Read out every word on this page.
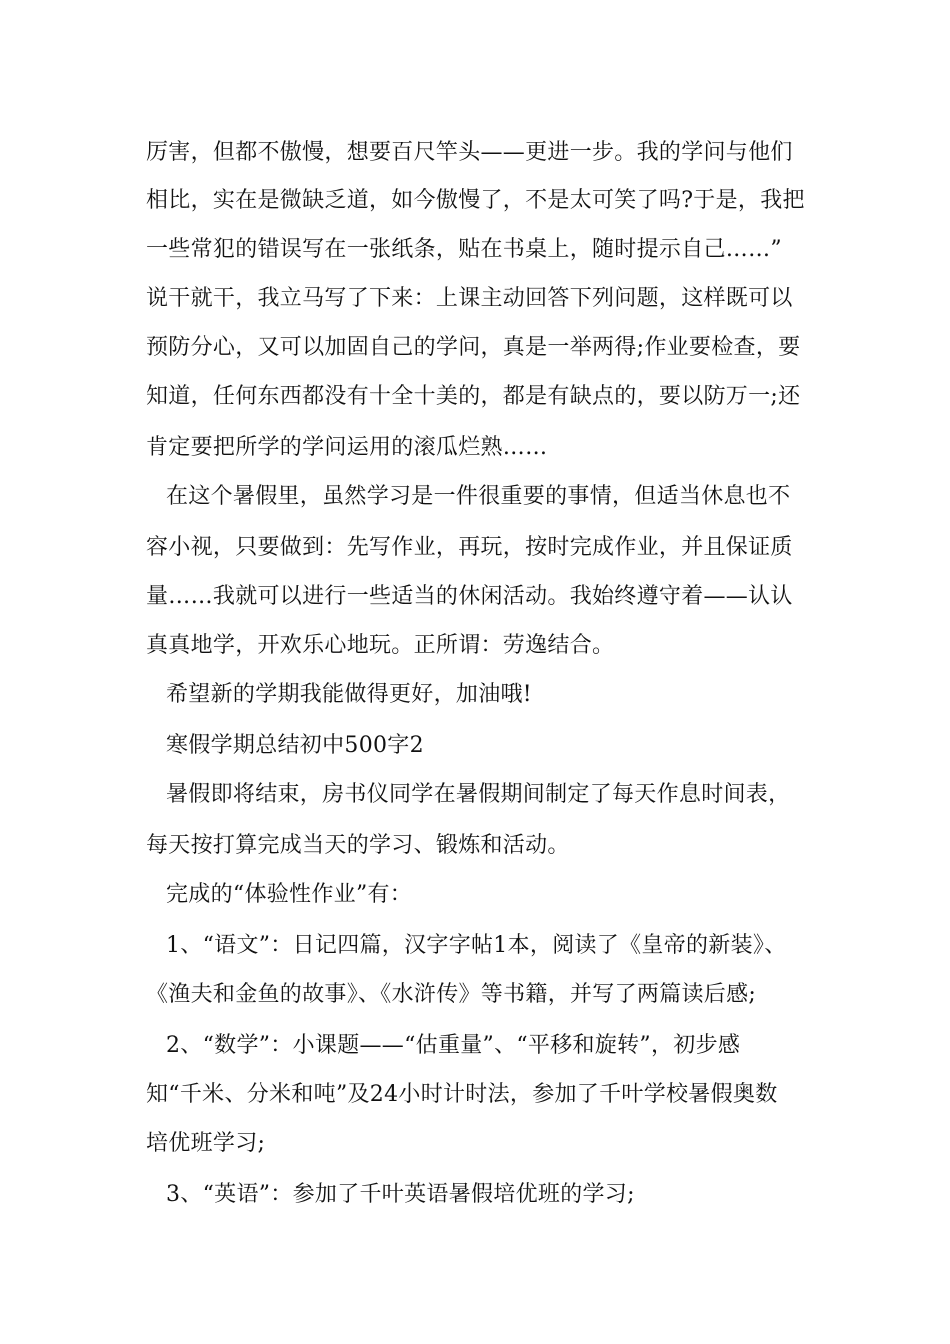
厉害，但都不傲慢，想要百尺竿头——更进一步。我的学问与他们

相比，实在是微缺乏道，如今傲慢了，不是太可笑了吗?于是，我把

一些常犯的错误写在一张纸条，贴在书桌上，随时提示自己……”

说干就干，我立马写了下来：上课主动回答下列问题，这样既可以

预防分心，又可以加固自己的学问，真是一举两得;作业要检查，要

知道，任何东西都没有十全十美的，都是有缺点的，要以防万一;还

肯定要把所学的学问运用的滚瓜烂熟……

在这个暑假里，虽然学习是一件很重要的事情，但适当休息也不

容小视，只要做到：先写作业，再玩，按时完成作业，并且保证质

量……我就可以进行一些适当的休闲活动。我始终遵守着——认认

真真地学，开欢乐心地玩。正所谓：劳逸结合。

希望新的学期我能做得更好，加油哦!

寒假学期总结初中500字2

暑假即将结束，房书仪同学在暑假期间制定了每天作息时间表，

每天按打算完成当天的学习、锻炼和活动。

完成的“体验性作业”有：

1、“语文”：日记四篇，汉字字帖1本，阅读了《皇帝的新装》、

《渔夫和金鱼的故事》、《水浒传》等书籍，并写了两篇读后感;

2、“数学”：小课题——“估重量”、“平移和旋转”，初步感

知“千米、分米和吨”及24小时计时法，参加了千叶学校暑假奥数

培优班学习;

3、“英语”：参加了千叶英语暑假培优班的学习;
